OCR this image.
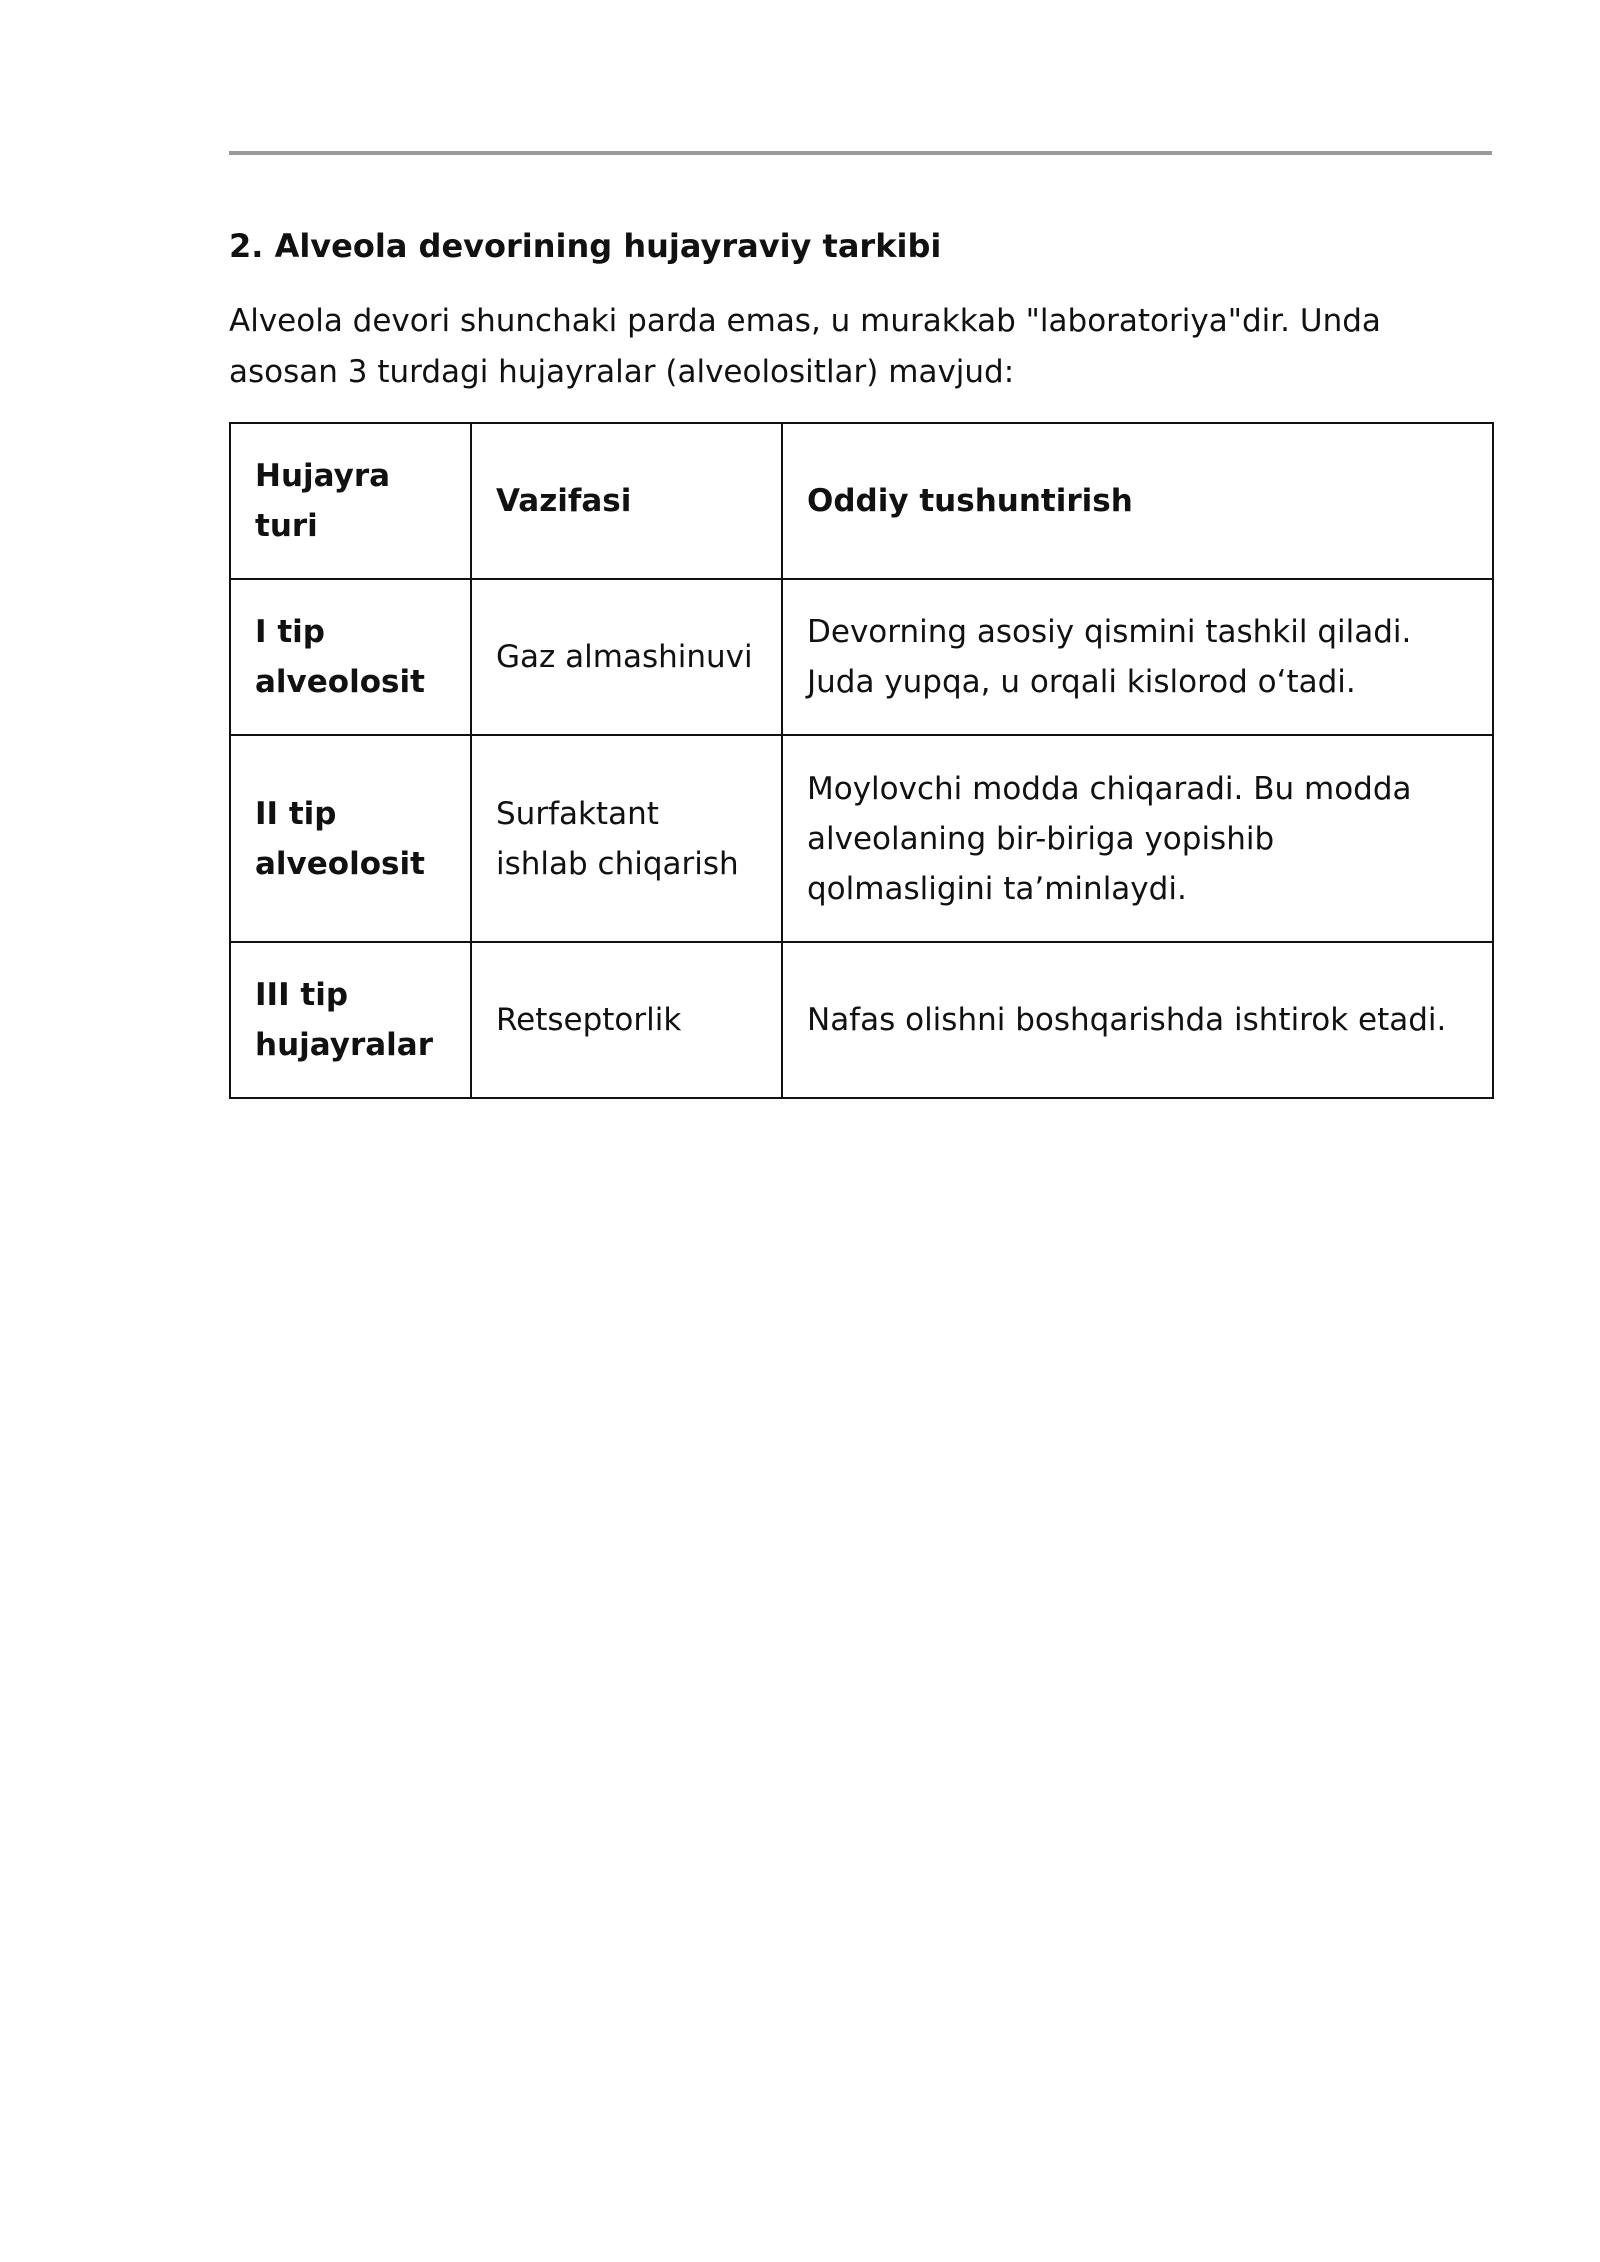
2. Alveola devorining hujayraviy tarkibi

Alveola devori shunchaki parda emas, u murakkab "laboratoriya"dir. Unda asosan 3 turdagi hujayralar (alveolositlar) mavjud:

Hujayra turi	Vazifasi	Oddiy tushuntirish
I tip alveolosit	Gaz almashinuvi	Devorning asosiy qismini tashkil qiladi. Juda yupqa, u orqali kislorod o‘tadi.
II tip alveolosit	Surfaktant ishlab chiqarish	Moylovchi modda chiqaradi. Bu modda alveolaning bir-biriga yopishib qolmasligini ta’minlaydi.
III tip hujayralar	Retseptorlik	Nafas olishni boshqarishda ishtirok etadi.
